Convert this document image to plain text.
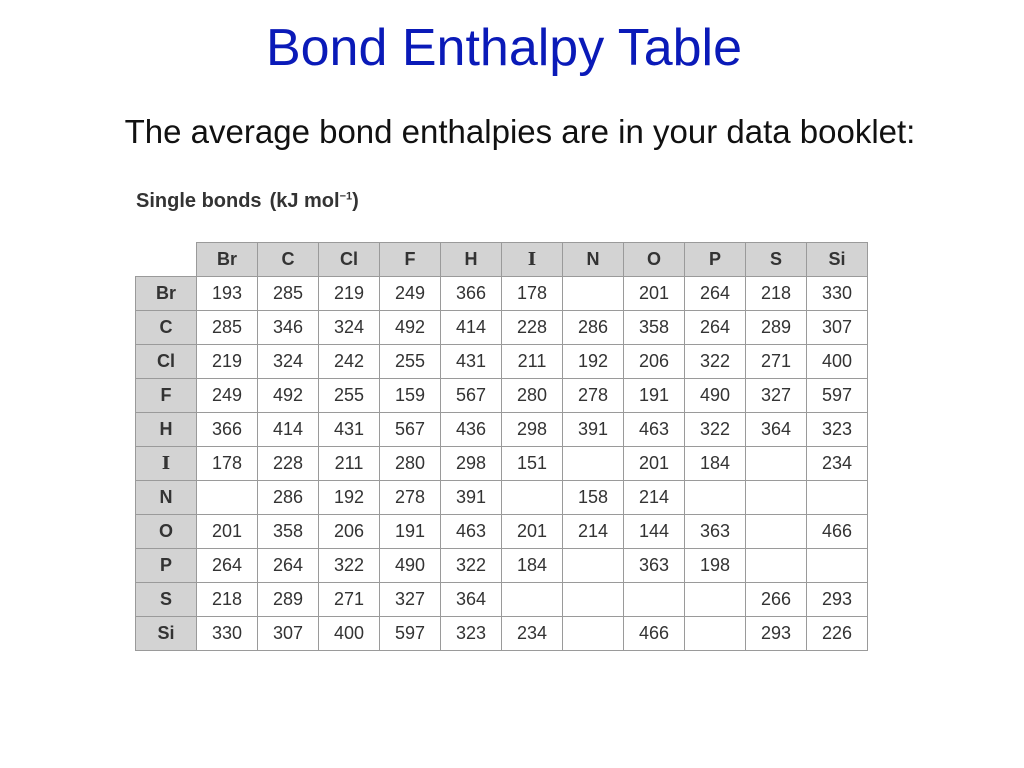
Bond Enthalpy Table
The average bond enthalpies are in your data booklet:
Single bonds (kJ mol$^{-1}$)
	Br	C	Cl	F	H	I	N	O	P	S	Si
Br	193	285	219	249	366	178		201	264	218	330
C	285	346	324	492	414	228	286	358	264	289	307
Cl	219	324	242	255	431	211	192	206	322	271	400
F	249	492	255	159	567	280	278	191	490	327	597
H	366	414	431	567	436	298	391	463	322	364	323
I	178	228	211	280	298	151		201	184		234
N		286	192	278	391		158	214			
O	201	358	206	191	463	201	214	144	363		466
P	264	264	322	490	322	184		363	198		
S	218	289	271	327	364					266	293
Si	330	307	400	597	323	234		466		293	226
